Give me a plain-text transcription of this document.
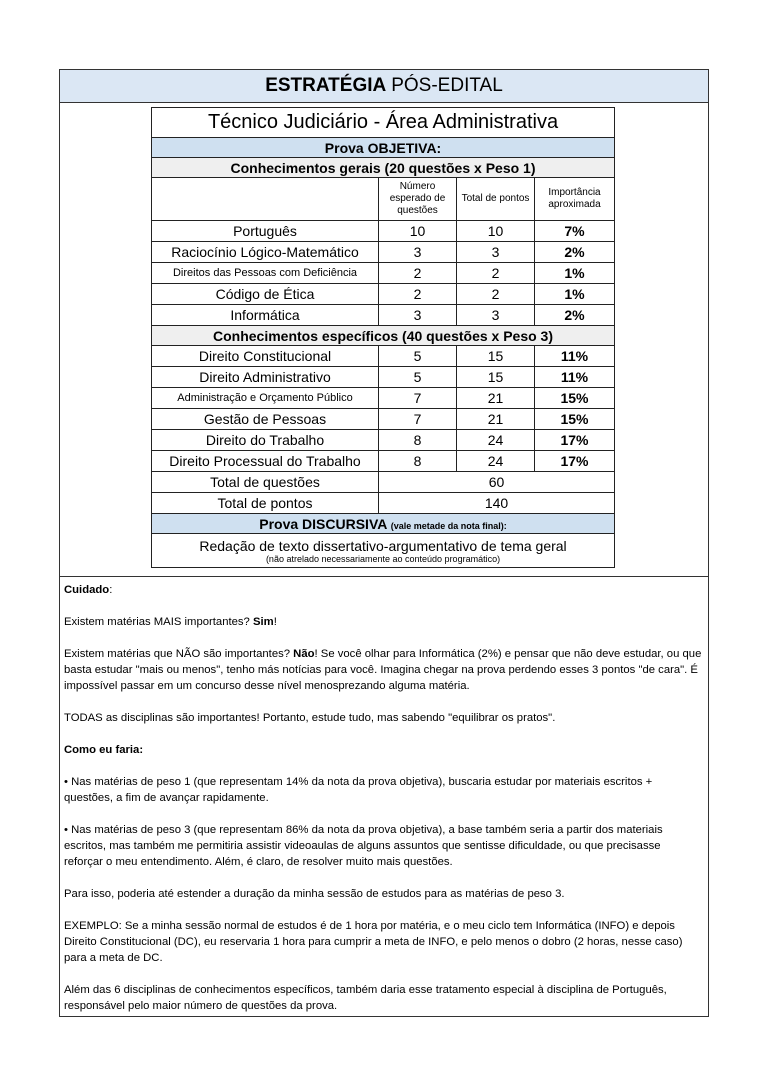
ESTRATÉGIA PÓS-EDITAL
Técnico Judiciário - Área Administrativa			
Prova OBJETIVA:			
Conhecimentos gerais (20 questões x Peso 1)			
	Número esperado de questões	Total de pontos	Importância aproximada
Português	10	10	7%
Raciocínio Lógico-Matemático	3	3	2%
Direitos das Pessoas com Deficiência	2	2	1%
Código de Ética	2	2	1%
Informática	3	3	2%
Conhecimentos específicos (40 questões x Peso 3)			
Direito Constitucional	5	15	11%
Direito Administrativo	5	15	11%
Administração e Orçamento Público	7	21	15%
Gestão de Pessoas	7	21	15%
Direito do Trabalho	8	24	17%
Direito Processual do Trabalho	8	24	17%
Total de questões	60		
Total de pontos	140		
Prova DISCURSIVA (vale metade da nota final):			

Redação de texto dissertativo-argumentativo de tema geral
(não atrelado necessariamente ao conteúdo programático)			

Cuidado:

Existem matérias MAIS importantes? Sim!

Existem matérias que NÃO são importantes? Não! Se você olhar para Informática (2%) e pensar que não deve estudar, ou que basta estudar "mais ou menos", tenho más notícias para você. Imagina chegar na prova perdendo esses 3 pontos "de cara". É impossível passar em um concurso desse nível menosprezando alguma matéria.

TODAS as disciplinas são importantes! Portanto, estude tudo, mas sabendo "equilibrar os pratos".

Como eu faria:

• Nas matérias de peso 1 (que representam 14% da nota da prova objetiva), buscaria estudar por materiais escritos + questões, a fim de avançar rapidamente.

• Nas matérias de peso 3 (que representam 86% da nota da prova objetiva), a base também seria a partir dos materiais escritos, mas também me permitiria assistir videoaulas de alguns assuntos que sentisse dificuldade, ou que precisasse reforçar o meu entendimento. Além, é claro, de resolver muito mais questões.

Para isso, poderia até estender a duração da minha sessão de estudos para as matérias de peso 3.

EXEMPLO: Se a minha sessão normal de estudos é de 1 hora por matéria, e o meu ciclo tem Informática (INFO) e depois Direito Constitucional (DC), eu reservaria 1 hora para cumprir a meta de INFO, e pelo menos o dobro (2 horas, nesse caso) para a meta de DC.

Além das 6 disciplinas de conhecimentos específicos, também daria esse tratamento especial à disciplina de Português, responsável pelo maior número de questões da prova.
